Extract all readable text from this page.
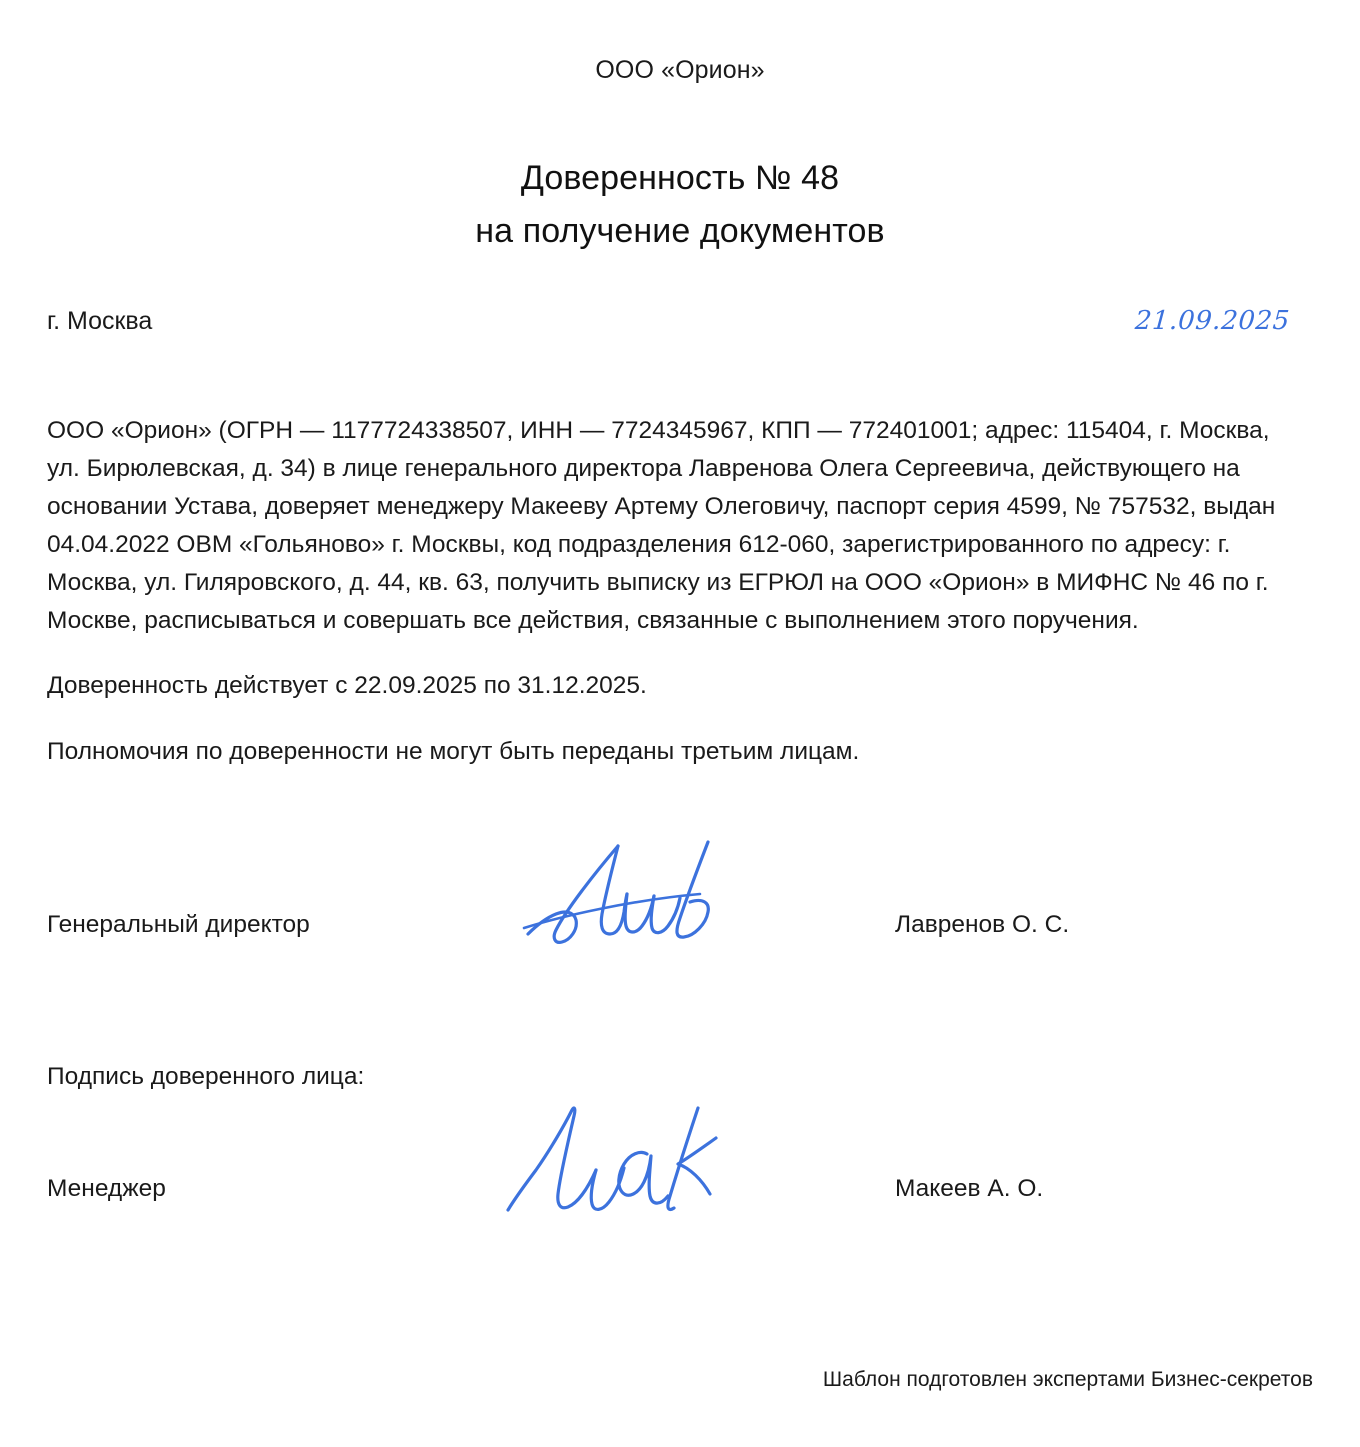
ООО «Орион»
Доверенность № 48
на получение документов
г. Москва	21.09.2025

ООО «Орион» (ОГРН — 1177724338507, ИНН — 7724345967, КПП — 772401001; адрес: 115404, г. Москва, ул. Бирюлевская, д. 34) в лице генерального директора Лавренова Олега Сергеевича, действующего на основании Устава, доверяет менеджеру Макееву Артему Олеговичу, паспорт серия 4599, № 757532, выдан 04.04.2022 ОВМ «Гольяново» г. Москвы, код подразделения 612-060, зарегистрированного по адресу: г. Москва, ул. Гиляровского, д. 44, кв. 63, получить выписку из ЕГРЮЛ на ООО «Орион» в МИФНС № 46 по г. Москве, расписываться и совершать все действия, связанные с выполнением этого поручения.

Доверенность действует с 22.09.2025 по 31.12.2025.

Полномочия по доверенности не могут быть переданы третьим лицам.

Генеральный директор	Лавренов О. С.
Подпись доверенного лица:
Менеджер	Макеев А. О.
Шаблон подготовлен экспертами Бизнес-секретов
